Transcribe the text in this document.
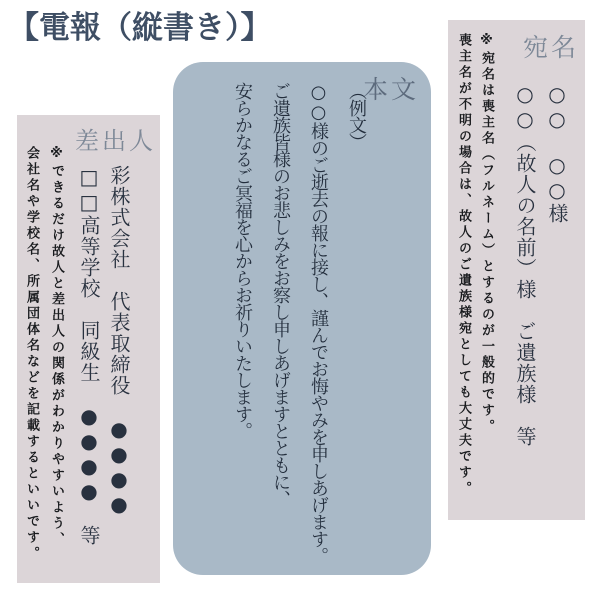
【電報（縦書き）】
宛名
○○　○○様
○○（故人の名前）様　ご遺族様　等
※宛名は喪主名（フルネーム）とするのが一般的です。
喪主名が不明の場合は、故人のご遺族様宛としても大丈夫です。
本文
（例文）
○○様のご逝去の報に接し、謹んでお悔やみを申しあげます。
ご遺族皆様のお悲しみをお察し申しあげますとともに、
安らかなるご冥福を心からお祈りいたします。
差出人
彩株式会社　代表取締役　●●●●
□□高等学校　同級生　●●●●　等
※できるだけ故人と差出人の関係がわかりやすいよう、
会社名や学校名、所属団体名などを記載するといいです。
